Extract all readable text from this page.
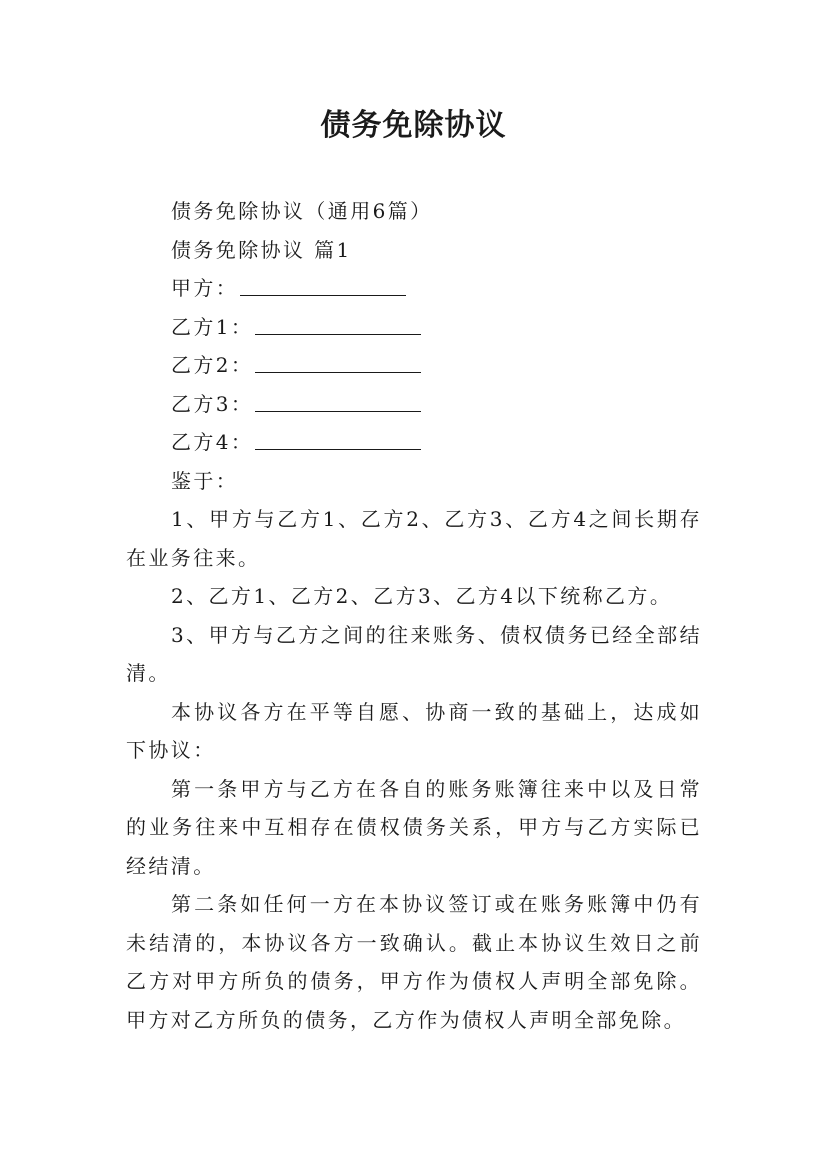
债务免除协议
债务免除协议（通用6篇）
债务免除协议 篇1
甲方：
乙方1：
乙方2：
乙方3：
乙方4：
鉴于：
1、甲方与乙方1、乙方2、乙方3、乙方4之间长期存在业务往来。
2、乙方1、乙方2、乙方3、乙方4以下统称乙方。
3、甲方与乙方之间的往来账务、债权债务已经全部结清。
本协议各方在平等自愿、协商一致的基础上，达成如下协议：
第一条甲方与乙方在各自的账务账簿往来中以及日常的业务往来中互相存在债权债务关系，甲方与乙方实际已经结清。
第二条如任何一方在本协议签订或在账务账簿中仍有未结清的，本协议各方一致确认。截止本协议生效日之前乙方对甲方所负的债务，甲方作为债权人声明全部免除。甲方对乙方所负的债务，乙方作为债权人声明全部免除。
